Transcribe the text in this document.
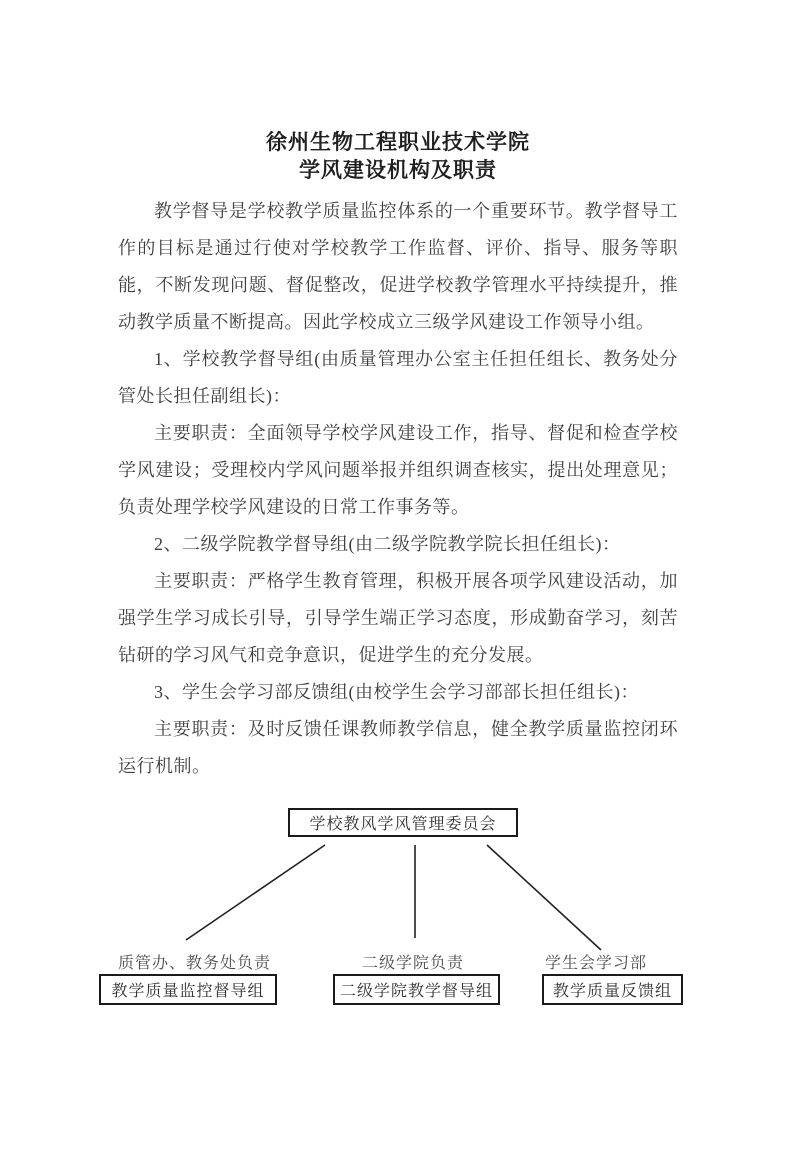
徐州生物工程职业技术学院
学风建设机构及职责

教学督导是学校教学质量监控体系的一个重要环节。教学督导工作的目标是通过行使对学校教学工作监督、评价、指导、服务等职能，不断发现问题、督促整改，促进学校教学管理水平持续提升，推动教学质量不断提高。因此学校成立三级学风建设工作领导小组。

1、学校教学督导组(由质量管理办公室主任担任组长、教务处分管处长担任副组长)：

主要职责：全面领导学校学风建设工作，指导、督促和检查学校学风建设；受理校内学风问题举报并组织调查核实，提出处理意见；负责处理学校学风建设的日常工作事务等。

2、二级学院教学督导组(由二级学院教学院长担任组长)：

主要职责：严格学生教育管理，积极开展各项学风建设活动，加强学生学习成长引导，引导学生端正学习态度，形成勤奋学习，刻苦钻研的学习风气和竞争意识，促进学生的充分发展。

3、学生会学习部反馈组(由校学生会学习部部长担任组长)：

主要职责：及时反馈任课教师教学信息，健全教学质量监控闭环运行机制。

学校教风学风管理委员会
质管办、教务处负责	二级学院负责	学生会学习部
教学质量监控督导组	二级学院教学督导组	教学质量反馈组
